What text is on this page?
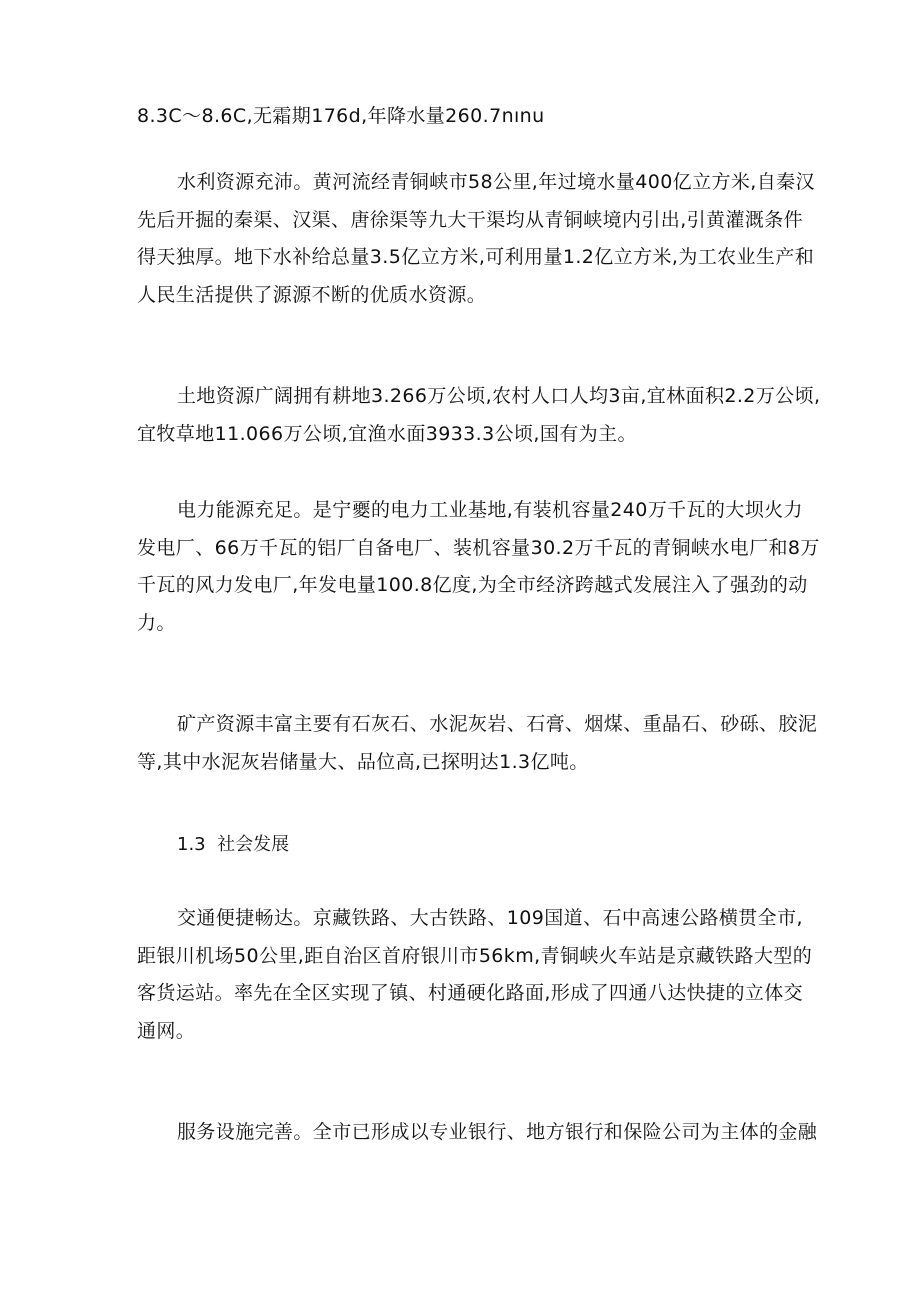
8.3C～8.6C,无霜期176d,年降水量260.7nınu

水利资源充沛。黄河流经青铜峡市58公里,年过境水量400亿立方米,自秦汉
先后开掘的秦渠、汉渠、唐徐渠等九大干渠均从青铜峡境内引出,引黄灌溉条件
得天独厚。地下水补给总量3.5亿立方米,可利用量1.2亿立方米,为工农业生产和
人民生活提供了源源不断的优质水资源。

土地资源广阔拥有耕地3.266万公顷,农村人口人均3亩,宜林面积2.2万公顷,
宜牧草地11.066万公顷,宜渔水面3933.3公顷,国有为主。

电力能源充足。是宁夒的电力工业基地,有装机容量240万千瓦的大坝火力
发电厂、66万千瓦的铝厂自备电厂、装机容量30.2万千瓦的青铜峡水电厂和8万
千瓦的风力发电厂,年发电量100.8亿度,为全市经济跨越式发展注入了强劲的动
力。

矿产资源丰富主要有石灰石、水泥灰岩、石膏、烟煤、重晶石、砂砾、胶泥
等,其中水泥灰岩储量大、品位高,已探明达1.3亿吨。

1.3  社会发展

交通便捷畅达。京藏铁路、大古铁路、109国道、石中高速公路横贯全市,
距银川机场50公里,距自治区首府银川市56km,青铜峡火车站是京藏铁路大型的
客货运站。率先在全区实现了镇、村通硬化路面,形成了四通八达快捷的立体交
通网。

服务设施完善。全市已形成以专业银行、地方银行和保险公司为主体的金融
